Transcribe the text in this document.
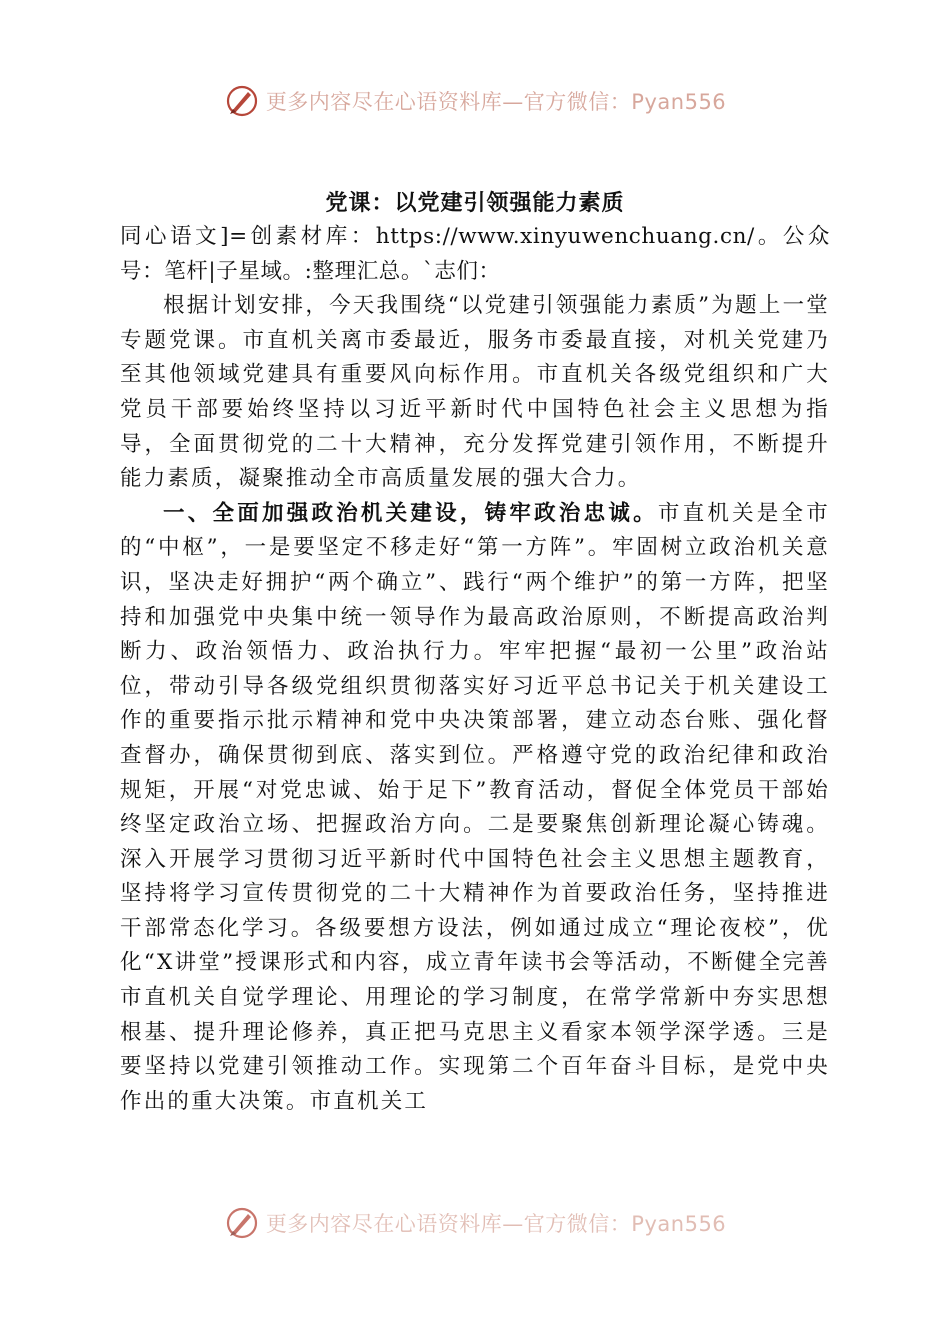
更多内容尽在心语资料库—官方微信：Pyan556
党课：以党建引领强能力素质

同心语文]=创素材库：https://www.xinyuwenchuang.cn/。公众号：笔杆|子星域。:整理汇总。`志们：

根据计划安排，今天我围绕“以党建引领强能力素质”为题上一堂专题党课。市直机关离市委最近，服务市委最直接，对机关党建乃至其他领域党建具有重要风向标作用。市直机关各级党组织和广大党员干部要始终坚持以习近平新时代中国特色社会主义思想为指导，全面贯彻党的二十大精神，充分发挥党建引领作用，不断提升能力素质，凝聚推动全市高质量发展的强大合力。

一、全面加强政治机关建设，铸牢政治忠诚。市直机关是全市的“中枢”，一是要坚定不移走好“第一方阵”。牢固树立政治机关意识，坚决走好拥护“两个确立”、践行“两个维护”的第一方阵，把坚持和加强党中央集中统一领导作为最高政治原则，不断提高政治判断力、政治领悟力、政治执行力。牢牢把握“最初一公里”政治站位，带动引导各级党组织贯彻落实好习近平总书记关于机关建设工作的重要指示批示精神和党中央决策部署，建立动态台账、强化督查督办，确保贯彻到底、落实到位。严格遵守党的政治纪律和政治规矩，开展“对党忠诚、始于足下”教育活动，督促全体党员干部始终坚定政治立场、把握政治方向。二是要聚焦创新理论凝心铸魂。深入开展学习贯彻习近平新时代中国特色社会主义思想主题教育，坚持将学习宣传贯彻党的二十大精神作为首要政治任务，坚持推进干部常态化学习。各级要想方设法，例如通过成立“理论夜校”，优化“X讲堂”授课形式和内容，成立青年读书会等活动，不断健全完善市直机关自觉学理论、用理论的学习制度，在常学常新中夯实思想根基、提升理论修养，真正把马克思主义看家本领学深学透。三是要坚持以党建引领推动工作。实现第二个百年奋斗目标，是党中央作出的重大决策。市直机关工

更多内容尽在心语资料库—官方微信：Pyan556
